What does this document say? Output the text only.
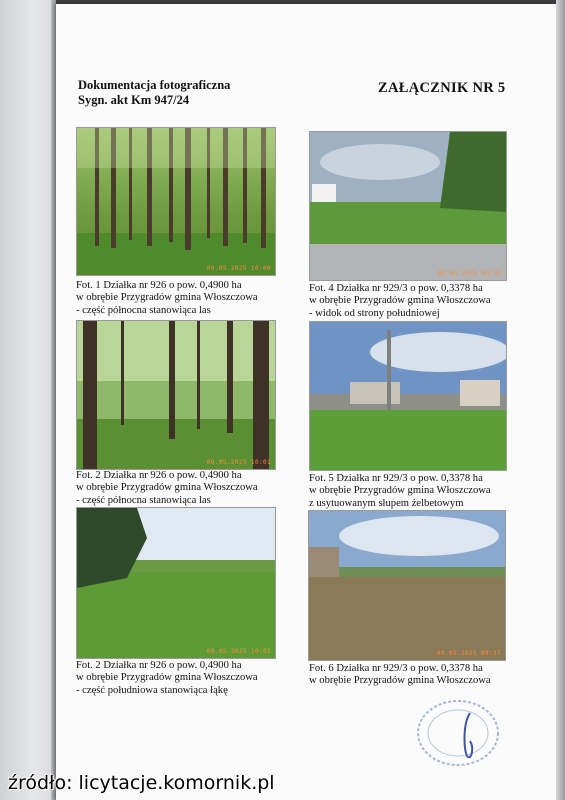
Dokumentacja fotograficzna
Sygn. akt Km 947/24
ZAŁĄCZNIK NR 5
09.05.2025 10:00
Fot. 1 Działka nr 926 o pow. 0,4900 ha
w obrębie Przygradów gmina Włoszczowa
- część północna stanowiąca las
09.05.2025 10:01
Fot. 2 Działka nr 926 o pow. 0,4900 ha
w obrębie Przygradów gmina Włoszczowa
- część północna stanowiąca las
09.05.2025 10:02
Fot. 2 Działka nr 926 o pow. 0,4900 ha
w obrębie Przygradów gmina Włoszczowa
- część południowa stanowiąca łąkę
09.05.2025 09:35
Fot. 4 Działka nr 929/3 o pow. 0,3378 ha
w obrębie Przygradów gmina Włoszczowa
- widok od strony południowej
Fot. 5 Działka nr 929/3 o pow. 0,3378 ha
w obrębie Przygradów gmina Włoszczowa
z usytuowanym słupem żelbetowym
09.05.2025 09:37
Fot. 6 Działka nr 929/3 o pow. 0,3378 ha
w obrębie Przygradów gmina Włoszczowa
źródło: licytacje.komornik.pl
